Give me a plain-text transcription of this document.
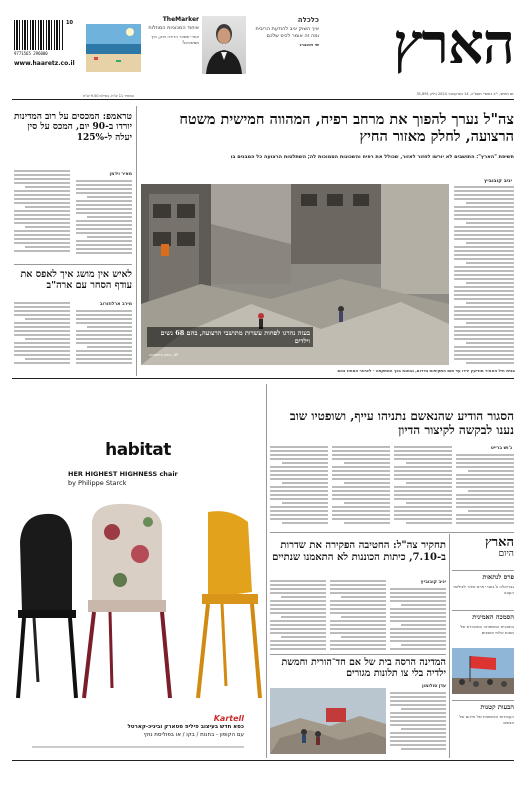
הארץ
כלכלה
איך השוק יגיב להודעת הריבית ומה זה אומר לכיס שלכם
שי ויטנברג
TheMarker
איחוד המכוניות המוזלות
אחרי ששכר הדירה זינק, איך ממשיכים?
9771565 296000
10
www.haaretz.co.il
המחיר 11 ש"ח, באילת 9.50 ש"ח	יום חמישי, י"ב בתשרי תשפ"ה, 14 באוקטובר 2024 גיליון 31,691
צה"ל נערך להפוך את מרחב רפיח, המהווה חמישית משטח הרצועה, לחלק מאזור החיץ
חשיפת "הארץ": התושבים לא יורשו לחזור לאזור, שכולל את רפיח והשכונות הסמוכות לה; השתלטות הרצועה כל המבנים בו
יניב קובוביץ
בעזה נהרגו לפחות עשרות מתושבי הרצועה, בהם 68 נשים וילדים
רמטן אלשאמה, AP
בבית חיל האוויר מודיעין ירדו עד תום התקיפות בדרום, נבחנת בכך המתקפה - לאיזור המחוז בהם
טראמפ: המכסים על רוב המדינות יורדו ב-90 יום, המכס על סין יעלה ל-125%
מאיר וידמן
לאיש אין מושג איך לאפס את עודף הסחר עם ארה"ב
מירב ארלוזורוב
habitat
HER HIGHEST HIGHNESS chair
by Philippe Starck
Kartell
כסא חדש בעיצוב פיליפ סטארק וביניכ-קארטל
עם הקופון - בחנות / בקו / או בפוליסת נוקי
הסגור הודיע שהנאשם נתניהו עייף, ושופטיו שוב נענו לבקשה לקיצור הדיון
ג'וש ברייט
הארץ
היום
פרס לנתאות
גבריאלה צ'בוטרי פרס איזור לצילומי העונה
הסמכה האמינית
בתוכנית המשפחה המכובדת של מאות אלפי תושבים
הבעות קטנות
העבודות הפשוטות של חייהם של אנשים
תחקיר צה"ל: החטיבה הפקירה את שדרות ב-7.10, כיתות הכוננות לא התאמנו שנתיים
יניב קובוביץ
המדינה הרסה בית של אם חד־הורית וחמשת ילדיה בלי צו תלונות מגורים
עדן סולומון
